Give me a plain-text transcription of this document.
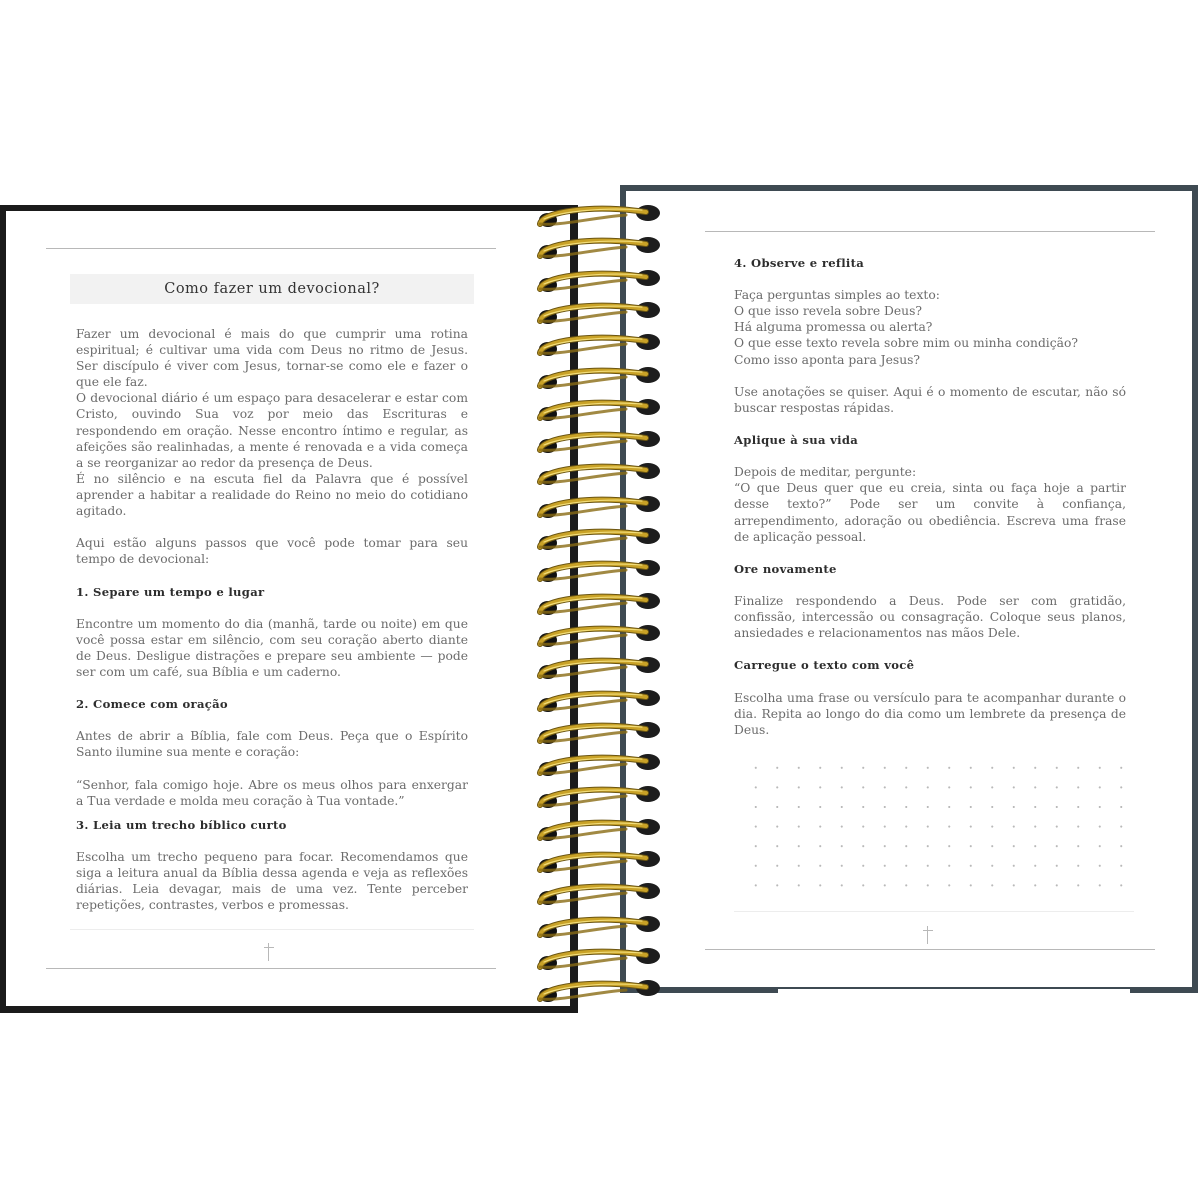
Como fazer um devocional?

Fazer um devocional é mais do que cumprir uma rotina espiritual; é cultivar uma vida com Deus no ritmo de Jesus. Ser discípulo é viver com Jesus, tornar-se como ele e fazer o que ele faz.

O devocional diário é um espaço para desacelerar e estar com Cristo, ouvindo Sua voz por meio das Escrituras e respondendo em oração. Nesse encontro íntimo e regular, as afeições são realinhadas, a mente é renovada e a vida começa a se reorganizar ao redor da presença de Deus.

É no silêncio e na escuta fiel da Palavra que é possível aprender a habitar a realidade do Reino no meio do cotidiano agitado.

Aqui estão alguns passos que você pode tomar para seu tempo de devocional:

1. Separe um tempo e lugar

Encontre um momento do dia (manhã, tarde ou noite) em que você possa estar em silêncio, com seu coração aberto diante de Deus. Desligue distrações e prepare seu ambiente — pode ser com um café, sua Bíblia e um caderno.

2. Comece com oração

Antes de abrir a Bíblia, fale com Deus. Peça que o Espírito Santo ilumine sua mente e coração:

“Senhor, fala comigo hoje. Abre os meus olhos para enxergar a Tua verdade e molda meu coração à Tua vontade.”

3. Leia um trecho bíblico curto

Escolha um trecho pequeno para focar. Recomendamos que siga a leitura anual da Bíblia dessa agenda e veja as reflexões diárias. Leia devagar, mais de uma vez. Tente perceber repetições, contrastes, verbos e promessas.

4. Observe e reflita

Faça perguntas simples ao texto:

O que isso revela sobre Deus?

Há alguma promessa ou alerta?

O que esse texto revela sobre mim ou minha condição?

Como isso aponta para Jesus?

Use anotações se quiser. Aqui é o momento de escutar, não só buscar respostas rápidas.

Aplique à sua vida

Depois de meditar, pergunte:

“O que Deus quer que eu creia, sinta ou faça hoje a partir desse texto?” Pode ser um convite à confiança, arrependimento, adoração ou obediência. Escreva uma frase de aplicação pessoal.

Ore novamente

Finalize respondendo a Deus. Pode ser com gratidão, confissão, intercessão ou consagração. Coloque seus planos, ansiedades e relacionamentos nas mãos Dele.

Carregue o texto com você

Escolha uma frase ou versículo para te acompanhar durante o dia. Repita ao longo do dia como um lembrete da presença de Deus.
